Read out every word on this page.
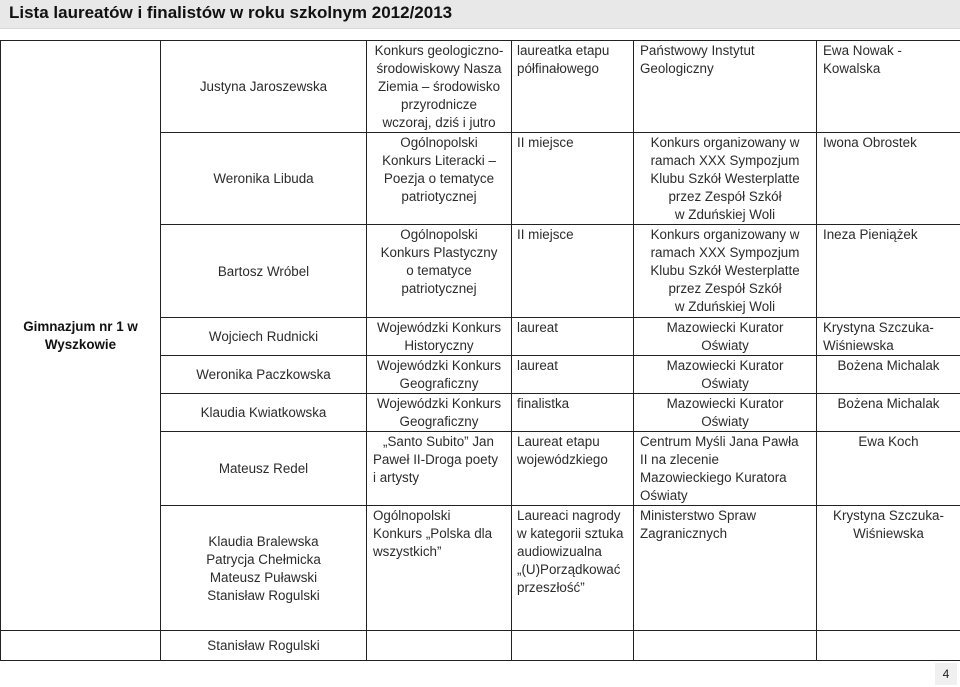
Lista laureatów i finalistów w roku szkolnym 2012/2013
Gimnazjum nr 1 w
Wyszkowie	Justyna Jaroszewska	Konkurs geologiczno-
środowiskowy Nasza
Ziemia – środowisko
przyrodnicze
wczoraj, dziś i jutro	laureatka etapu
półfinałowego	Państwowy Instytut
Geologiczny	Ewa Nowak -
Kowalska

	Weronika Libuda	Ogólnopolski
Konkurs Literacki –
Poezja o tematyce
patriotycznej	II miejsce	Konkurs organizowany w
ramach XXX Sympozjum
Klubu Szkół Westerplatte
przez Zespół Szkół
w Zduńskiej Woli	Iwona Obrostek

	Bartosz Wróbel	Ogólnopolski
Konkurs Plastyczny
o tematyce
patriotycznej	II miejsce	Konkurs organizowany w
ramach XXX Sympozjum
Klubu Szkół Westerplatte
przez Zespół Szkół
w Zduńskiej Woli	Ineza Pieniążek

	Wojciech Rudnicki	Wojewódzki Konkurs
Historyczny	laureat	Mazowiecki Kurator
Oświaty	Krystyna Szczuka-
Wiśniewska

	Weronika Paczkowska	Wojewódzki Konkurs
Geograficzny	laureat	Mazowiecki Kurator
Oświaty	Bożena Michalak

	Klaudia Kwiatkowska	Wojewódzki Konkurs
Geograficzny	finalistka	Mazowiecki Kurator
Oświaty	Bożena Michalak

	Mateusz Redel	„Santo Subito” Jan
Paweł II-Droga poety
i artysty	Laureat etapu
wojewódzkiego	Centrum Myśli Jana Pawła
II na zlecenie
Mazowieckiego Kuratora
Oświaty	Ewa Koch

	Klaudia Bralewska
Patrycja Chełmicka
Mateusz Puławski
Stanisław Rogulski	Ogólnopolski
Konkurs „Polska dla
wszystkich”	Laureaci nagrody
w kategorii sztuka
audiowizualna
„(U)Porządkować
przeszłość”	Ministerstwo Spraw
Zagranicznych	Krystyna Szczuka-
Wiśniewska

	Stanisław Rogulski				

4
